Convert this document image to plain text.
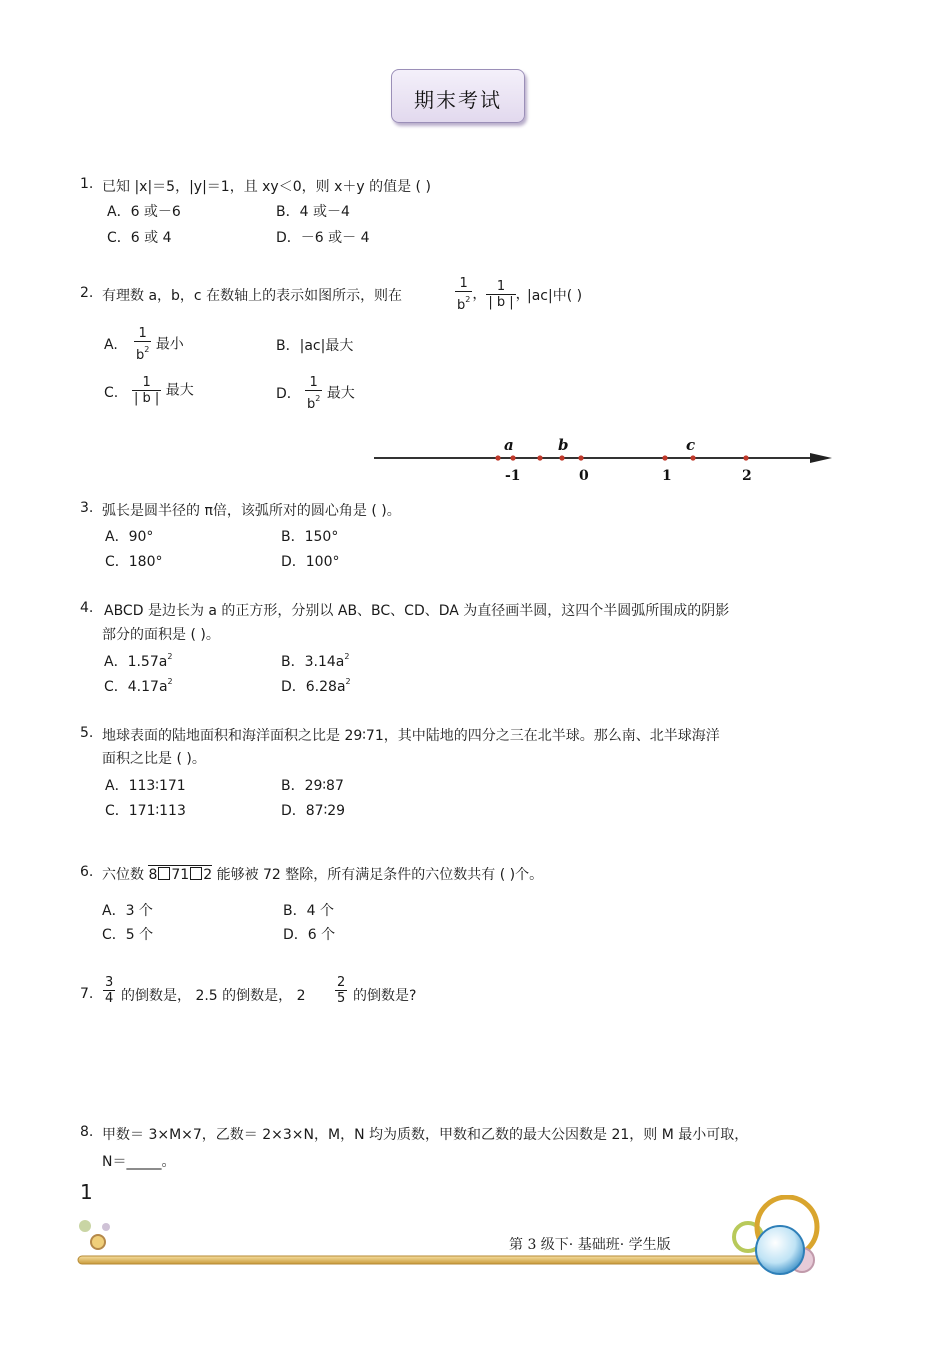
期末考试
1. 已知 |x|＝5，|y|＝1，且 xy＜0，则 x＋y 的值是 ( )
A．6 或－6	B．4 或－4
C．6 或 4	D．－6 或－ 4
2. 有理数 a，b，c 在数轴上的表示如图所示，则在	$\frac{1}{b^2}$ ， $\frac{1}{| b |}$ ，
|ac|中( )
A. $\frac{1}{b^2}$ 最小	B．|ac|最大
C. $\frac{1}{| b |}$ 最大	D． $\frac{1}{b^2}$ 最大
a	b	c
-1	0	1	2
3. 弧长是圆半径的 π倍，该弧所对的圆心角是 ( )。
A．90°	B．150°
C．180°	D．100°
4. ABCD 是边长为 a 的正方形，分别以 AB、BC、CD、DA 为直径画半圆，这四个半圆弧所围成的阴影
部分的面积是 ( )。
A．$1.57a^2$	B．$3.14a^2$
C．$4.17a^2$	D．$6.28a^2$
5. 地球表面的陆地面积和海洋面积之比是 29∶71，其中陆地的四分之三在北半球。那么南、北半球海洋
面积之比是 ( )。
A．113∶171	B．29∶87
C．171∶113	D．87∶29
6. 六位数 8 71 2 能够被 72 整除，所有满足条件的六位数共有 ( )个。
A．3 个	B．4 个
C．5 个	D．6 个
7. $\frac{3}{4}$ 的倒数是， 2.5 的倒数是， $2 \frac{2}{5}$ 的倒数是?
8. 甲数＝ 3×M×7，乙数＝ 2×3×N，M，N 均为质数，甲数和乙数的最大公因数是 21，则 M 最小可取，
N＝_____。
1
第 3 级下· 基础班· 学生版
